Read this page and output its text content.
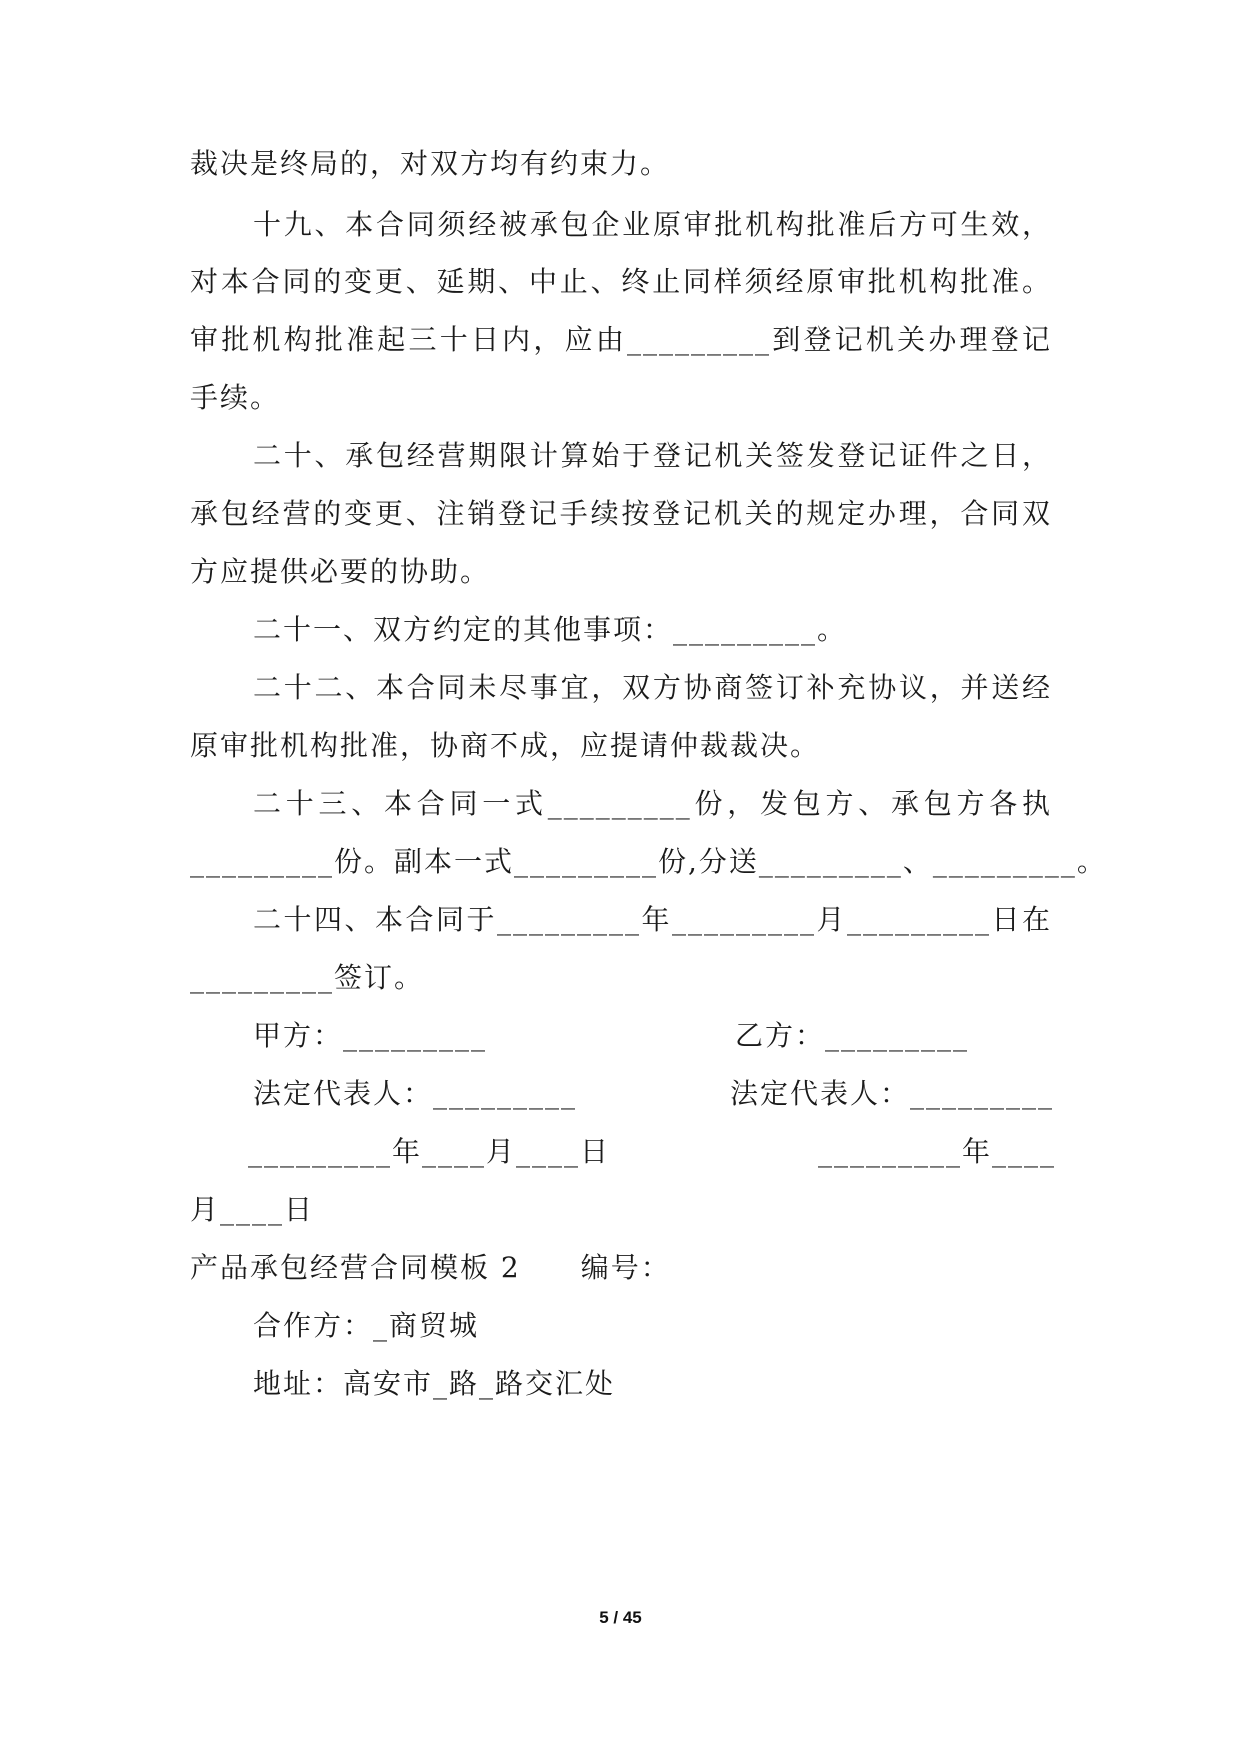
裁决是终局的，对双方均有约束力。
十九、本合同须经被承包企业原审批机构批准后方可生效，
对本合同的变更、延期、中止、终止同样须经原审批机构批准。
审批机构批准起三十日内，应由_________到登记机关办理登记
手续。
二十、承包经营期限计算始于登记机关签发登记证件之日，
承包经营的变更、注销登记手续按登记机关的规定办理，合同双
方应提供必要的协助。
二十一、双方约定的其他事项：_________。
二十二、本合同未尽事宜，双方协商签订补充协议，并送经
原审批机构批准，协商不成，应提请仲裁裁决。
二十三、本合同一式_________份，发包方、承包方各执
_________份。副本一式_________份,分送_________、_________。
二十四、本合同于_________年_________月_________日在
_________签订。
甲方：_________	乙方：_________
法定代表人：_________	法定代表人：_________
_________年____月____日	_________年____
月____日
产品承包经营合同模板 2　　编号：
合作方：_商贸城
地址：高安市_路_路交汇处
5 / 45
